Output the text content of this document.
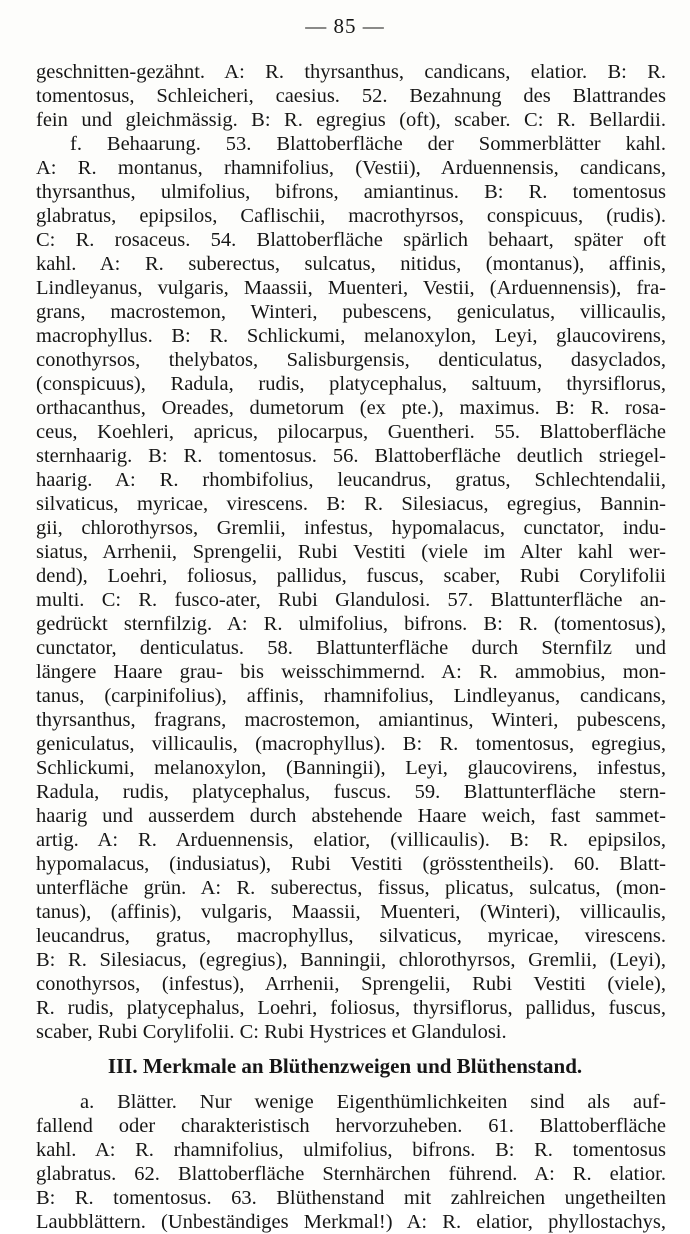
— 85 —
geschnitten-gezähnt. A: R. thyrsanthus, candicans, elatior. B: R.
tomentosus, Schleicheri, caesius. 52. Bezahnung des Blattrandes
fein und gleichmässig. B: R. egregius (oft), scaber. C: R. Bellardii.
f. Behaarung. 53. Blattoberfläche der Sommerblätter kahl.
A: R. montanus, rhamnifolius, (Vestii), Arduennensis, candicans,
thyrsanthus, ulmifolius, bifrons, amiantinus. B: R. tomentosus
glabratus, epipsilos, Caflischii, macrothyrsos, conspicuus, (rudis).
C: R. rosaceus. 54. Blattoberfläche spärlich behaart, später oft
kahl. A: R. suberectus, sulcatus, nitidus, (montanus), affinis,
Lindleyanus, vulgaris, Maassii, Muenteri, Vestii, (Arduennensis), fra-
grans, macrostemon, Winteri, pubescens, geniculatus, villicaulis,
macrophyllus. B: R. Schlickumi, melanoxylon, Leyi, glaucovirens,
conothyrsos, thelybatos, Salisburgensis, denticulatus, dasyclados,
(conspicuus), Radula, rudis, platycephalus, saltuum, thyrsiflorus,
orthacanthus, Oreades, dumetorum (ex pte.), maximus. B: R. rosa-
ceus, Koehleri, apricus, pilocarpus, Guentheri. 55. Blattoberfläche
sternhaarig. B: R. tomentosus. 56. Blattoberfläche deutlich striegel-
haarig. A: R. rhombifolius, leucandrus, gratus, Schlechtendalii,
silvaticus, myricae, virescens. B: R. Silesiacus, egregius, Bannin-
gii, chlorothyrsos, Gremlii, infestus, hypomalacus, cunctator, indu-
siatus, Arrhenii, Sprengelii, Rubi Vestiti (viele im Alter kahl wer-
dend), Loehri, foliosus, pallidus, fuscus, scaber, Rubi Corylifolii
multi. C: R. fusco-ater, Rubi Glandulosi. 57. Blattunterfläche an-
gedrückt sternfilzig. A: R. ulmifolius, bifrons. B: R. (tomentosus),
cunctator, denticulatus. 58. Blattunterfläche durch Sternfilz und
längere Haare grau- bis weisschimmernd. A: R. ammobius, mon-
tanus, (carpinifolius), affinis, rhamnifolius, Lindleyanus, candicans,
thyrsanthus, fragrans, macrostemon, amiantinus, Winteri, pubescens,
geniculatus, villicaulis, (macrophyllus). B: R. tomentosus, egregius,
Schlickumi, melanoxylon, (Banningii), Leyi, glaucovirens, infestus,
Radula, rudis, platycephalus, fuscus. 59. Blattunterfläche stern-
haarig und ausserdem durch abstehende Haare weich, fast sammet-
artig. A: R. Arduennensis, elatior, (villicaulis). B: R. epipsilos,
hypomalacus, (indusiatus), Rubi Vestiti (grösstentheils). 60. Blatt-
unterfläche grün. A: R. suberectus, fissus, plicatus, sulcatus, (mon-
tanus), (affinis), vulgaris, Maassii, Muenteri, (Winteri), villicaulis,
leucandrus, gratus, macrophyllus, silvaticus, myricae, virescens.
B: R. Silesiacus, (egregius), Banningii, chlorothyrsos, Gremlii, (Leyi),
conothyrsos, (infestus), Arrhenii, Sprengelii, Rubi Vestiti (viele),
R. rudis, platycephalus, Loehri, foliosus, thyrsiflorus, pallidus, fuscus,
scaber, Rubi Corylifolii. C: Rubi Hystrices et Glandulosi.
III. Merkmale an Blüthenzweigen und Blüthenstand.
a. Blätter. Nur wenige Eigenthümlichkeiten sind als auf-
fallend oder charakteristisch hervorzuheben. 61. Blattoberfläche
kahl. A: R. rhamnifolius, ulmifolius, bifrons. B: R. tomentosus
glabratus. 62. Blattoberfläche Sternhärchen führend. A: R. elatior.
B: R. tomentosus. 63. Blüthenstand mit zahlreichen ungetheilten
Laubblättern. (Unbeständiges Merkmal!) A: R. elatior, phyllostachys,
